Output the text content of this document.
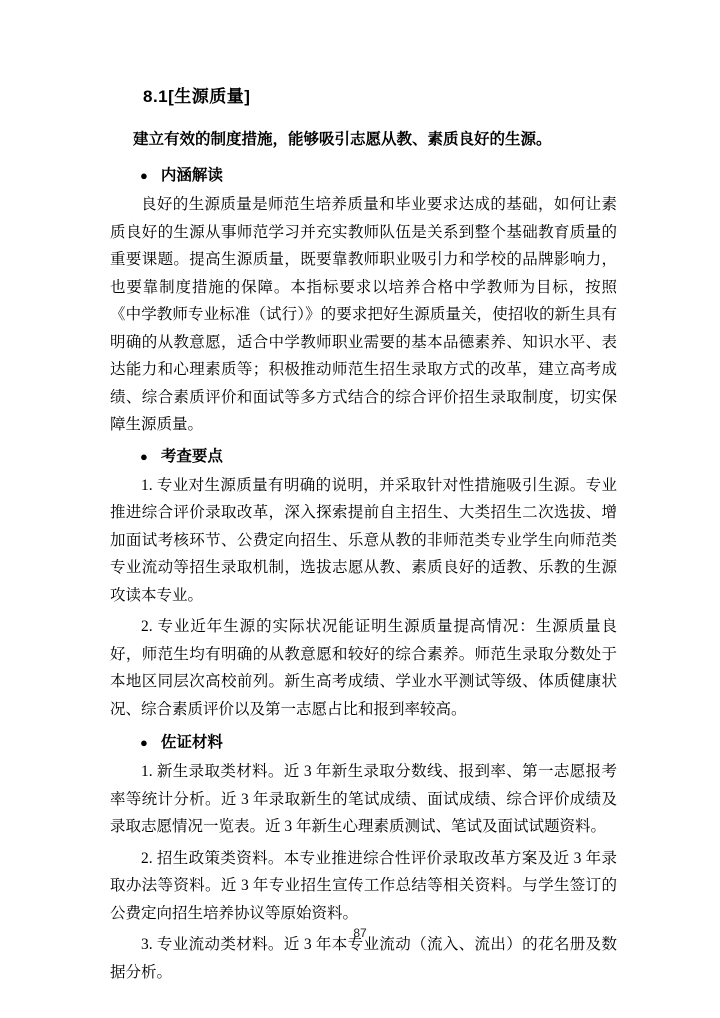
8.1[生源质量]

建立有效的制度措施，能够吸引志愿从教、素质良好的生源。

● 内涵解读

良好的生源质量是师范生培养质量和毕业要求达成的基础，如何让素质良好的生源从事师范学习并充实教师队伍是关系到整个基础教育质量的重要课题。提高生源质量，既要靠教师职业吸引力和学校的品牌影响力，也要靠制度措施的保障。本指标要求以培养合格中学教师为目标，按照《中学教师专业标准（试行）》的要求把好生源质量关，使招收的新生具有明确的从教意愿，适合中学教师职业需要的基本品德素养、知识水平、表达能力和心理素质等；积极推动师范生招生录取方式的改革，建立高考成绩、综合素质评价和面试等多方式结合的综合评价招生录取制度，切实保障生源质量。

● 考查要点

1. 专业对生源质量有明确的说明，并采取针对性措施吸引生源。专业推进综合评价录取改革，深入探索提前自主招生、大类招生二次选拔、增加面试考核环节、公费定向招生、乐意从教的非师范类专业学生向师范类专业流动等招生录取机制，选拔志愿从教、素质良好的适教、乐教的生源攻读本专业。

2. 专业近年生源的实际状况能证明生源质量提高情况：生源质量良好，师范生均有明确的从教意愿和较好的综合素养。师范生录取分数处于本地区同层次高校前列。新生高考成绩、学业水平测试等级、体质健康状况、综合素质评价以及第一志愿占比和报到率较高。

● 佐证材料

1. 新生录取类材料。近 3 年新生录取分数线、报到率、第一志愿报考率等统计分析。近 3 年录取新生的笔试成绩、面试成绩、综合评价成绩及录取志愿情况一览表。近 3 年新生心理素质测试、笔试及面试试题资料。

2. 招生政策类资料。本专业推进综合性评价录取改革方案及近 3 年录取办法等资料。近 3 年专业招生宣传工作总结等相关资料。与学生签订的公费定向招生培养协议等原始资料。

3. 专业流动类材料。近 3 年本专业流动（流入、流出）的花名册及数据分析。

87
